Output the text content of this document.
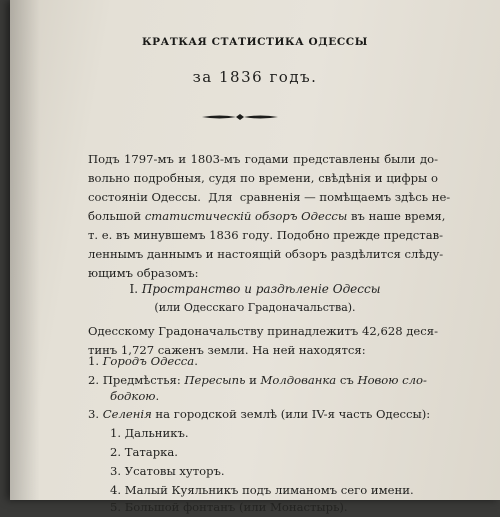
КРАТКАЯ СТАТИСТИКА ОДЕССЫ
за 1836 годъ.
Подъ 1797-мъ и 1803-мъ годами представлены были до-
вольно подробныя, судя по времени, свѣдѣнія и цифры о
состояніи Одессы.  Для  сравненія — помѣщаемъ здѣсь не-
большой статистическій обзоръ Одессы въ наше время,
т. е. въ минувшемъ 1836 году. Подобно прежде представ-
леннымъ даннымъ и настоящій обзоръ раздѣлится слѣду-
ющимъ образомъ:
I. Пространство и раздѣленіе Одессы
(или Одесскаго Градоначальства).
Одесскому Градоначальству принадлежитъ 42,628 деся-
тинъ 1,727 саженъ земли. На ней находятся:
1. Городъ Одесса.
2. Предмѣстья: Пересыпь и Молдованка съ Новою сло-
бодкою.
3. Селенія на городской землѣ (или IV-я часть Одессы):
1. Дальникъ.
2. Татарка.
3. Усатовы хуторъ.
4. Малый Куяльникъ подъ лиманомъ сего имени.
5. Большой фонтанъ (или Монастырь).
